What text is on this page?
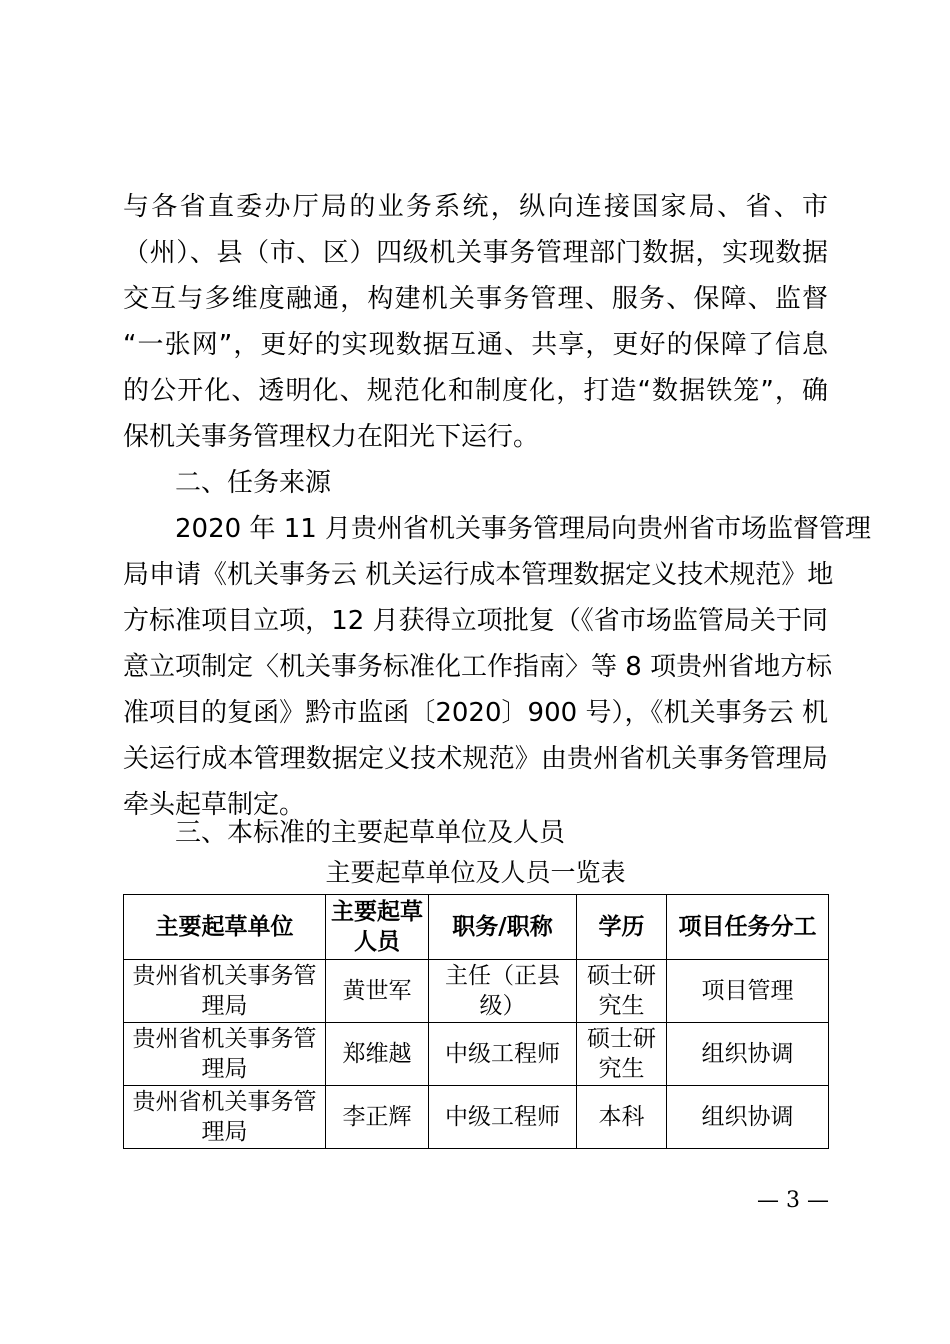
与各省直委办厅局的业务系统，纵向连接国家局、省、市
（州）、县（市、区）四级机关事务管理部门数据，实现数据
交互与多维度融通，构建机关事务管理、服务、保障、监督
“一张网”，更好的实现数据互通、共享，更好的保障了信息
的公开化、透明化、规范化和制度化，打造“数据铁笼”，确
保机关事务管理权力在阳光下运行。
二、任务来源
2020 年 11 月贵州省机关事务管理局向贵州省市场监督管理
局申请《机关事务云 机关运行成本管理数据定义技术规范》地
方标准项目立项，12 月获得立项批复（《省市场监管局关于同
意立项制定〈机关事务标准化工作指南〉等 8 项贵州省地方标
准项目的复函》黔市监函〔2020〕900 号），《机关事务云 机
关运行成本管理数据定义技术规范》由贵州省机关事务管理局
牵头起草制定。
三、本标准的主要起草单位及人员
主要起草单位及人员一览表
主要起草单位	主要起草人员	职务/职称	学历	项目任务分工
贵州省机关事务管理局	黄世军	主任（正县级）	硕士研究生	项目管理
贵州省机关事务管理局	郑维越	中级工程师	硕士研究生	组织协调
贵州省机关事务管理局	李正辉	中级工程师	本科	组织协调
— 3 —
